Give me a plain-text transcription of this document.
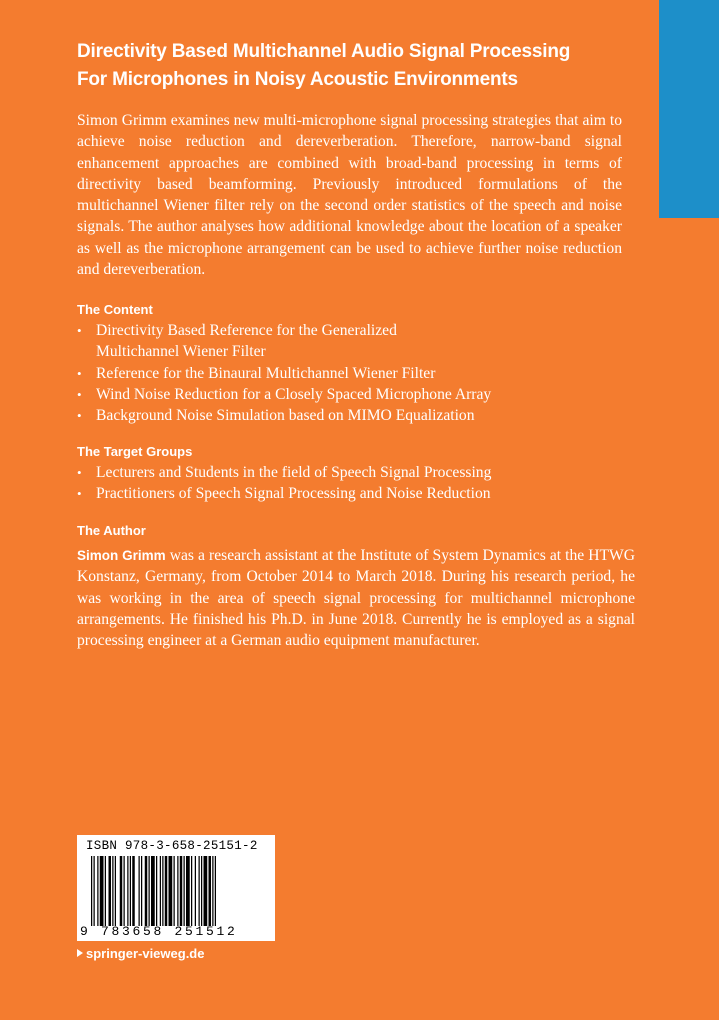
Directivity Based Multichannel Audio Signal Processing
For Microphones in Noisy Acoustic Environments
Simon Grimm examines new multi-microphone signal processing strategies that aim to achieve noise reduction and dereverberation. Therefore, narrow-band signal enhancement approaches are combined with broad-band processing in terms of directivity based beamforming. Previously introduced formulations of the multichannel Wiener filter rely on the second order statistics of the speech and noise signals. The author analyses how additional knowledge about the location of a speaker as well as the microphone arrangement can be used to achieve further noise reduction and dereverberation.
The Content
• Directivity Based Reference for the Generalized
Multichannel Wiener Filter
• Reference for the Binaural Multichannel Wiener Filter
• Wind Noise Reduction for a Closely Spaced Microphone Array
• Background Noise Simulation based on MIMO Equalization
The Target Groups
• Lecturers and Students in the field of Speech Signal Processing
• Practitioners of Speech Signal Processing and Noise Reduction
The Author
Simon Grimm was a research assistant at the Institute of System Dynamics at the HTWG Konstanz, Germany, from October 2014 to March 2018. During his research period, he was working in the area of speech signal processing for multichannel microphone arrangements. He finished his Ph.D. in June 2018. Currently he is employed as a signal processing engineer at a German audio equipment manufacturer.
ISBN 978-3-658-25151-2
9 783658 251512
springer-vieweg.de
